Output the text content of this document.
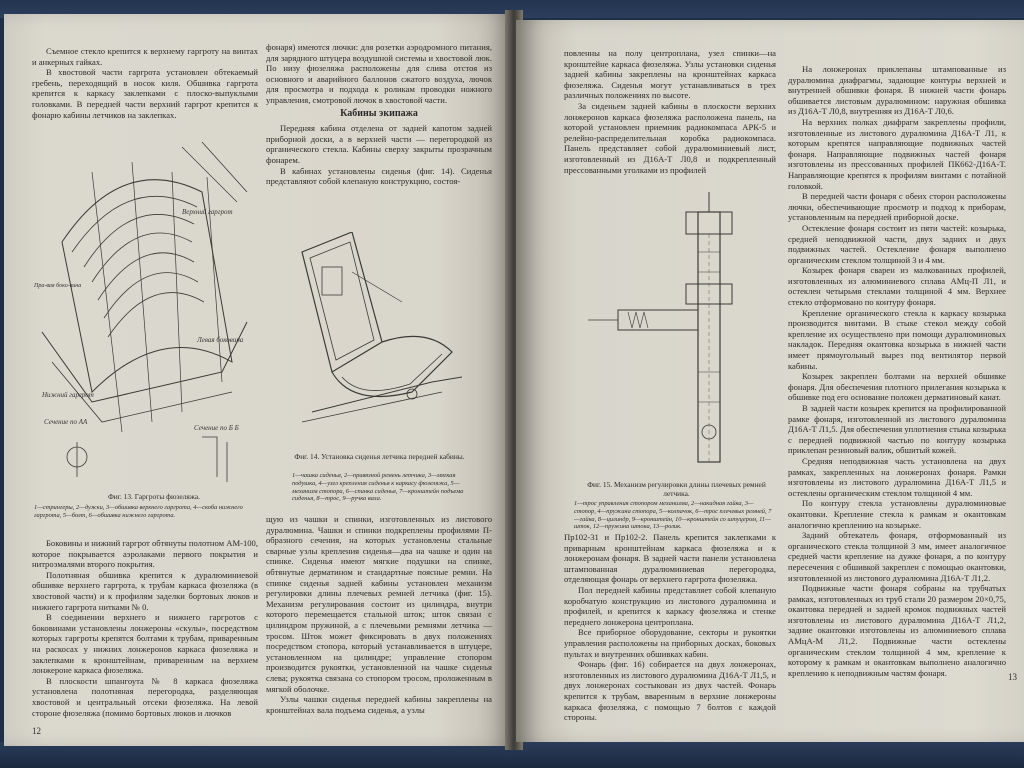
Съемное стекло крепится к верхнему гаргроту на винтах и анкерных гайках.

В хвостовой части гаргрота установлен обтекаемый гребень, переходящий в носок киля. Обшивка гаргрота крепится к каркасу заклепками с плоско-выпуклыми головками. В передней части верхний гаргрот крепится к фонарю кабины летчиков на заклепках.

фонаря) имеются лючки: для розетки аэродромного питания, для зарядного штуцера воздушной системы и хвостовой люк. По низу фюзеляжа расположены для слива отстоя из основного и аварийного баллонов сжатого воздуха, лючок для просмотра и подхода к роликам проводки ножного управления, смотровой лючок в хвостовой части.

Кабины экипажа

Передняя кабина отделена от задней капотом задней приборной доски, а в верхней части — перегородкой из органического стекла. Кабины сверху закрыты прозрачным фонарем.

В кабинах установлены сиденья (фиг. 14). Сиденья представляют собой клепаную конструкцию, состоя-

Верхний гаргрот
Левая боковина
Нижний гаргрот
Сечение по АА
Сечение по Б Б
Пра-вая боко-вина
Фиг. 13. Гаргроты фюзеляжа.
1—стрингеры, 2—дужки, 3—обшивка верхнего гаргрота, 4—скоба нижнего гаргрота, 5—болт, 6—обшивка нижнего гаргрота.
Фиг. 14. Установка сиденья летчика передней кабины.
1—чашка сиденья, 2—привязной ремень летчика, 3—мягкая подушка, 4—узел крепления сиденья к каркасу фюзеляжа, 5—механизм стопора, 6—спинка сиденья, 7—кронштейн подъема сиденья, 8—трос, 9—ручка вала.

Боковины и нижний гаргрот обтянуты полотном АМ-100, которое покрывается аэролаками первого покрытия и нитроэмалями второго покрытия.

Полотняная обшивка крепится к дуралюминиевой обшивке верхнего гаргрота, к трубам каркаса фюзеляжа (в хвостовой части) и к профилям заделки бортовых люков и нижнего гаргрота нитками № 0.

В соединении верхнего и нижнего гаргротов с боковинами установлены лонжероны «скулы», посредством которых гаргроты крепятся болтами к трубам, приваренным на раскосах у нижних лонжеронов каркаса фюзеляжа и заклепками к кронштейнам, приваренным на верхнем лонжероне каркаса фюзеляжа.

В плоскости шпангоута № 8 каркаса фюзеляжа установлена полотняная перегородка, разделяющая хвостовой и центральный отсеки фюзеляжа. На левой стороне фюзеляжа (помимо бортовых люков и лючков

щую из чашки и спинки, изготовленных из листового дуралюмина. Чашки и спинки подкреплены профилями П-образного сечения, на которых установлены стальные сварные узлы крепления сиденья—два на чашке и один на спинке. Сиденья имеют мягкие подушки на спинке, обтянутые дерматином и стандартные поясные ремни. На спинке сиденья задней кабины установлен механизм регулировки длины плечевых ремней летчика (фиг. 15). Механизм регулирования состоит из цилиндра, внутри которого перемещается стальной шток; шток связан с цилиндром пружиной, а с плечевыми ремнями летчика — тросом. Шток может фиксировать в двух положениях посредством стопора, который устанавливается в штуцере, установленном на цилиндре; управление стопором производится рукоятки, установленной на чашке сиденья слева; рукоятка связана со стопором тросом, проложенным в мягкой оболочке.

Узлы чашки сиденья передней кабины закреплены на кронштейнах вала подъема сиденья, а узлы

12

повленны на полу центроплана, узел спинки—на кронштейне каркаса фюзеляжа. Узлы установки сиденья задней кабины закреплены на кронштейнах каркаса фюзеляжа. Сиденья могут устанавливаться в трех различных положениях по высоте.

За сиденьем задней кабины в плоскости верхних лонжеронов каркаса фюзеляжа расположена панель, на которой установлен приемник радиокомпаса АРК-5 и релейно-распределительная коробка радиокомпаса. Панель представляет собой дуралюминиевый лист, изготовленный из Д16А-Т Л0,8 и подкрепленный прессованными уголками из профилей

Фиг. 15. Механизм регулировки длины плечевых ремней летчика.
1—трос управления стопором механизма, 2—накидная гайка, 3—стопор, 4—пружина стопора, 5—колпачок, 6—трос плечевых ремней, 7—гайка, 8—цилиндр, 9—кронштейн, 10—кронштейн со штуцером, 11—шток, 12—пружина штока, 13—ролик.

Пр102-31 и Пр102-2. Панель крепится заклепками к приварным кронштейнам каркаса фюзеляжа и к лонжеронам фонаря. В задней части панели установлена штампованная дуралюминиевая перегородка, отделяющая фонарь от верхнего гаргрота фюзеляжа.

Пол передней кабины представляет собой клепаную коробчатую конструкцию из листового дуралюмина и профилей, и крепится к каркасу фюзеляжа и стенке переднего лонжерона центроплана.

Все приборное оборудование, секторы и рукоятки управления расположены на приборных досках, боковых пультах и внутренних обшивках кабин.

Фонарь (фиг. 16) собирается на двух лонжеронах, изготовленных из листового дуралюмина Д16А-Т Л1,5, и двух лонжеронах состыкован из двух частей. Фонарь крепится к трубам, вваренным в верхние лонжероны каркаса фюзеляжа, с помощью 7 болтов с каждой стороны.

На лонжеронах приклепаны штампованные из дуралюмина диафрагмы, задающие контуры верхней и внутренней обшивки фонаря. В нижней части фонарь обшивается листовым дуралюмином: наружная обшивка из Д16А-Т Л0,8, внутренняя из Д16А-Т Л0,6.

На верхних полках диафрагм закреплены профили, изготовленные из листового дуралюмина Д16А-Т Л1, к которым крепятся направляющие подвижных частей фонаря. Направляющие подвижных частей фонаря изготовлены из прессованных профилей ПК662-Д16А-Т. Направляющие крепятся к профилям винтами с потайной головкой.

В передней части фонаря с обеих сторон расположены лючки, обеспечивающие просмотр и подход к приборам, установленным на передней приборной доске.

Остекление фонаря состоит из пяти частей: козырька, средней неподвижной части, двух задних и двух подвижных частей. Остекление фонаря выполнено органическим стеклом толщиной 3 и 4 мм.

Козырек фонаря сварен из малкованных профилей, изготовленных из алюминиевого сплава АМц-П Л1, и остеклен четырьмя стеклами толщиной 4 мм. Верхнее стекло отформовано по контуру фонаря.

Крепление органического стекла к каркасу козырька производится винтами. В стыке стекол между собой крепление их осуществлено при помощи дуралюминовых накладок. Передняя окантовка козырька в нижней части имеет прямоугольный вырез под вентилятор первой кабины.

Козырек закреплен болтами на верхней обшивке фонаря. Для обеспечения плотного прилегания козырька к обшивке под его основание положен дерматиновый канат.

В задней части козырек крепится на профилированной рамке фонаря, изготовленной из листового дуралюмина Д16А-Т Л1,5. Для обеспечения уплотнения стыка козырька с передней подвижной частью по контуру козырька приклепан резиновый валик, обшитый кожей.

Средняя неподвижная часть установлена на двух рамках, закрепленных на лонжеронах фонаря. Рамки изготовлены из листового дуралюмина Д16А-Т Л1,5 и остеклены органическим стеклом толщиной 4 мм.

По контуру стекла установлены дуралюминовые окантовки. Крепление стекла к рамкам и окантовкам аналогично креплению на козырьке.

Задний обтекатель фонаря, отформованный из органического стекла толщиной 3 мм, имеет аналогичное средней части крепление на дужке фонаря, а по контуру пересечения с обшивкой закреплен с помощью окантовки, изготовленной из листового дуралюмина Д16А-Т Л1,2.

Подвижные части фонаря собраны на трубчатых рамках, изготовленных из труб стали 20 размером 20×0,75, окантовка передней и задней кромок подвижных частей изготовлены из листового дуралюмина Д16А-Т Л1,2, задние окантовки изготовлены из алюминиевого сплава АМцА-М Л1,2. Подвижные части остеклены органическим стеклом толщиной 4 мм, крепление к которому к рамкам и окантовкам выполнено аналогично креплению к неподвижным частям фонаря.	13
